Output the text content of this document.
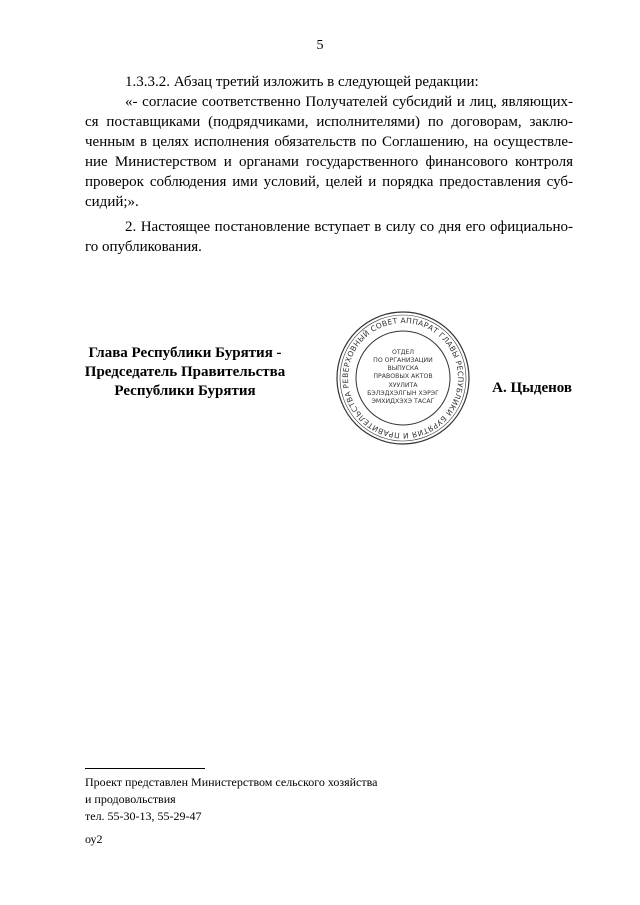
5
1.3.3.2. Абзац третий изложить в следующей редакции:
«- согласие соответственно Получателей субсидий и лиц, являющих-
ся поставщиками (подрядчиками, исполнителями) по договорам, заклю-
ченным в целях исполнения обязательств по Соглашению, на осуществле-
ние Министерством и органами государственного финансового контроля
проверок соблюдения ими условий, целей и порядка предоставления суб-
сидий;».
2. Настоящее постановление вступает в силу со дня его официально-
го опубликования.
Глава Республики Бурятия -
Председатель Правительства
Республики Бурятия
ВЕРХОВНЫЙ СОВЕТ АППАРАТ ГЛАВЫ РЕСПУБЛИКИ БУРЯТИЯ И ПРАВИТЕЛЬСТВА РЕ
ОТДЕЛ
ПО ОРГАНИЗАЦИИ
ВЫПУСКА
ПРАВОВЫХ АКТОВ
ХУУЛИТА
БЭЛЭДХЭЛГЫН ХЭРЭГ
ЭМХИДХЭХЭ ТАСАГ
А. Цыденов
Проект представлен Министерством сельского хозяйства
и продовольствия
тел. 55-30-13, 55-29-47
оу2
